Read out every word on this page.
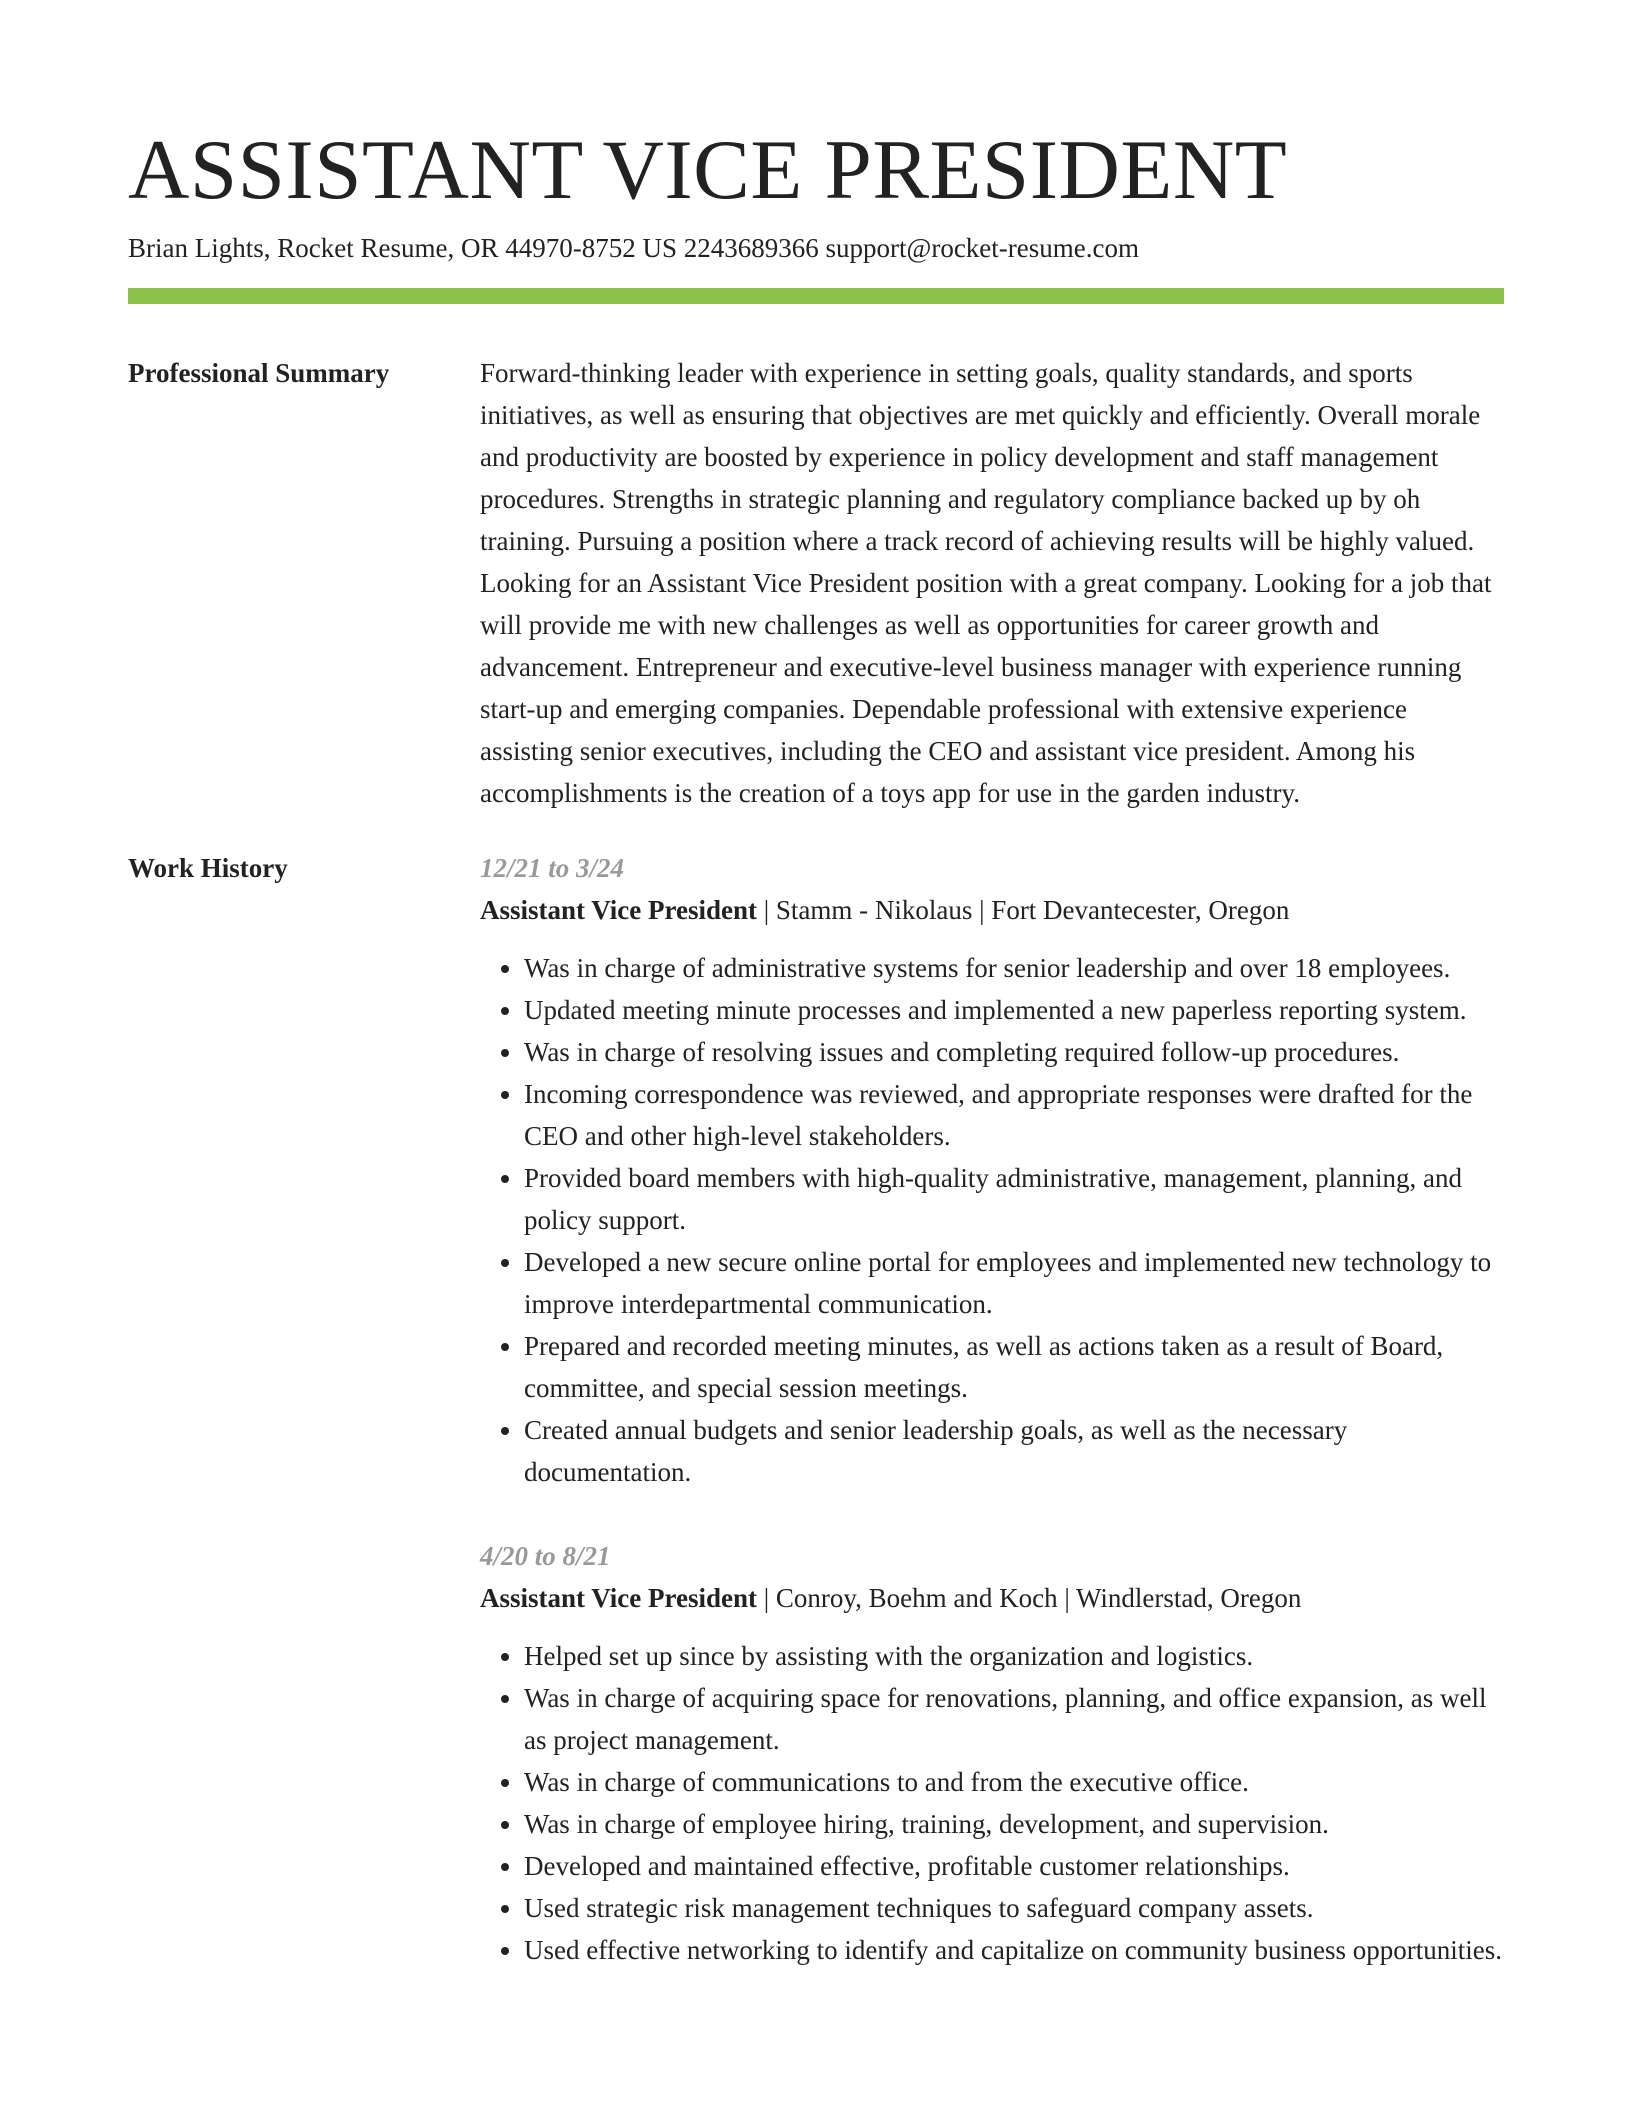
ASSISTANT VICE PRESIDENT
Brian Lights, Rocket Resume, OR 44970-8752 US 2243689366 support@rocket-resume.com
Professional Summary	Forward-thinking leader with experience in setting goals, quality standards, and sports initiatives, as well as ensuring that objectives are met quickly and efficiently. Overall morale and productivity are boosted by experience in policy development and staff management procedures. Strengths in strategic planning and regulatory compliance backed up by oh training. Pursuing a position where a track record of achieving results will be highly valued. Looking for an Assistant Vice President position with a great company. Looking for a job that will provide me with new challenges as well as opportunities for career growth and advancement. Entrepreneur and executive-level business manager with experience running start-up and emerging companies. Dependable professional with extensive experience assisting senior executives, including the CEO and assistant vice president. Among his accomplishments is the creation of a toys app for use in the garden industry.

Work History	12/21 to 3/24
Assistant Vice President | Stamm - Nikolaus | Fort Devantecester, Oregon
• Was in charge of administrative systems for senior leadership and over 18 employees.
• Updated meeting minute processes and implemented a new paperless reporting system.
• Was in charge of resolving issues and completing required follow-up procedures.
• Incoming correspondence was reviewed, and appropriate responses were drafted for the CEO and other high-level stakeholders.
• Provided board members with high-quality administrative, management, planning, and policy support.
• Developed a new secure online portal for employees and implemented new technology to improve interdepartmental communication.
• Prepared and recorded meeting minutes, as well as actions taken as a result of Board, committee, and special session meetings.
• Created annual budgets and senior leadership goals, as well as the necessary documentation.
4/20 to 8/21
Assistant Vice President | Conroy, Boehm and Koch | Windlerstad, Oregon
• Helped set up since by assisting with the organization and logistics.
• Was in charge of acquiring space for renovations, planning, and office expansion, as well as project management.
• Was in charge of communications to and from the executive office.
• Was in charge of employee hiring, training, development, and supervision.
• Developed and maintained effective, profitable customer relationships.
• Used strategic risk management techniques to safeguard company assets.
• Used effective networking to identify and capitalize on community business opportunities.
